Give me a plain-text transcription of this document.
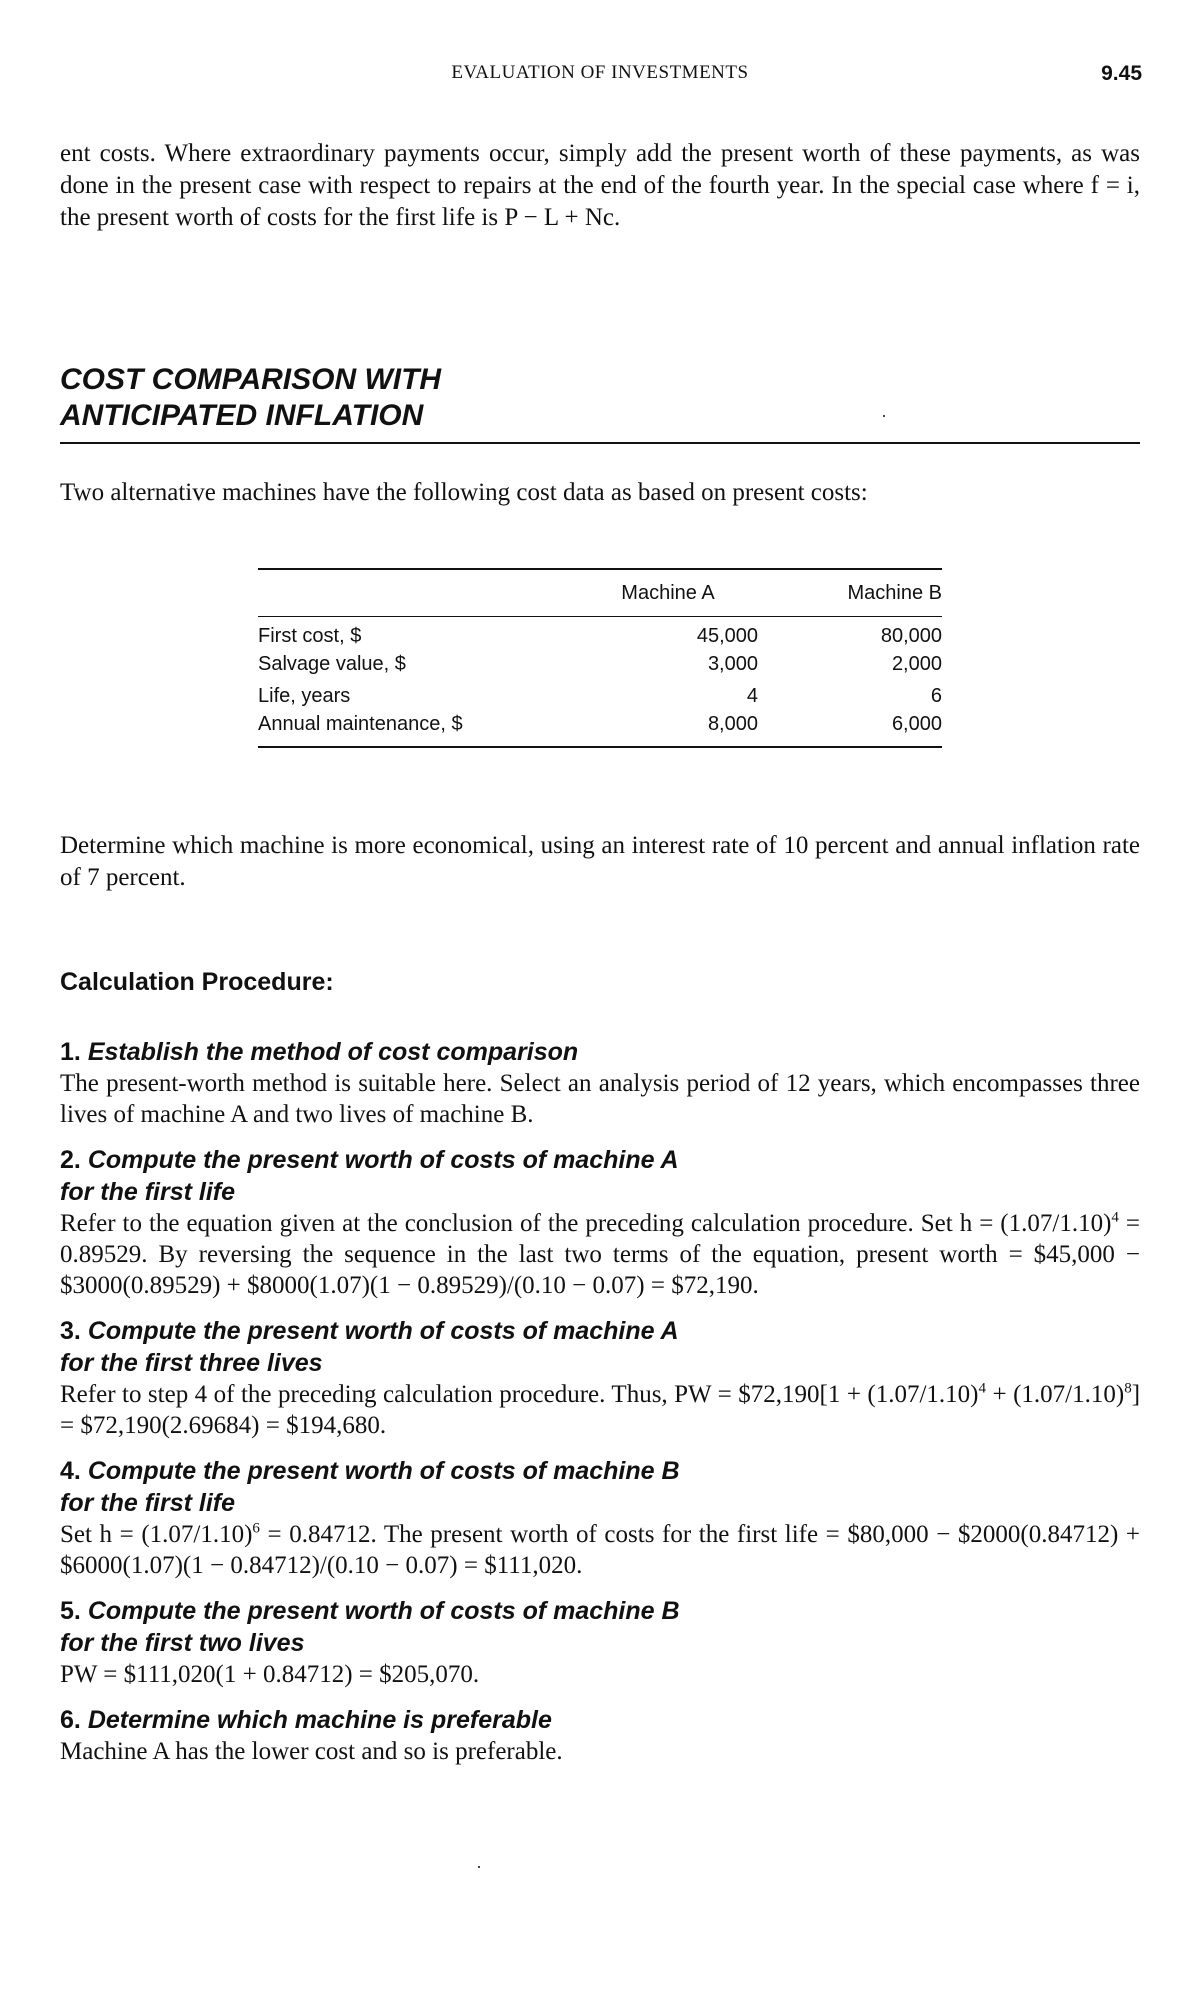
EVALUATION OF INVESTMENTS	9.45

ent costs. Where extraordinary payments occur, simply add the present worth of these payments, as was done in the present case with respect to repairs at the end of the fourth year. In the special case where f = i, the present worth of costs for the first life is P − L + Nc.

COST COMPARISON WITH
ANTICIPATED INFLATION

Two alternative machines have the following cost data as based on present costs:

	Machine A	Machine B
First cost, $	45,000	80,000
Salvage value, $	3,000	2,000
Life, years	4	6
Annual maintenance, $	8,000	6,000

Determine which machine is more economical, using an interest rate of 10 percent and annual inflation rate of 7 percent.

Calculation Procedure:

1. Establish the method of cost comparison

The present-worth method is suitable here. Select an analysis period of 12 years, which encompasses three lives of machine A and two lives of machine B.

2. Compute the present worth of costs of machine A
for the first life

Refer to the equation given at the conclusion of the preceding calculation procedure. Set $h = (1.07/1.10)^4 = 0.89529$. By reversing the sequence in the last two terms of the equation, present worth = $45,000 − $3000(0.89529) + $8000(1.07)(1 − 0.89529)/(0.10 − 0.07) = $72,190.

3. Compute the present worth of costs of machine A
for the first three lives

Refer to step 4 of the preceding calculation procedure. Thus, PW = $72,190[1 + $(1.07/1.10)^4 + (1.07/1.10)^8$] = $72,190(2.69684) = $194,680.

4. Compute the present worth of costs of machine B
for the first life

Set $h = (1.07/1.10)^6 = 0.84712$. The present worth of costs for the first life = $80,000 − $2000(0.84712) + $6000(1.07)(1 − 0.84712)/(0.10 − 0.07) = $111,020.

5. Compute the present worth of costs of machine B
for the first two lives

PW = $111,020(1 + 0.84712) = $205,070.

6. Determine which machine is preferable

Machine A has the lower cost and so is preferable.
